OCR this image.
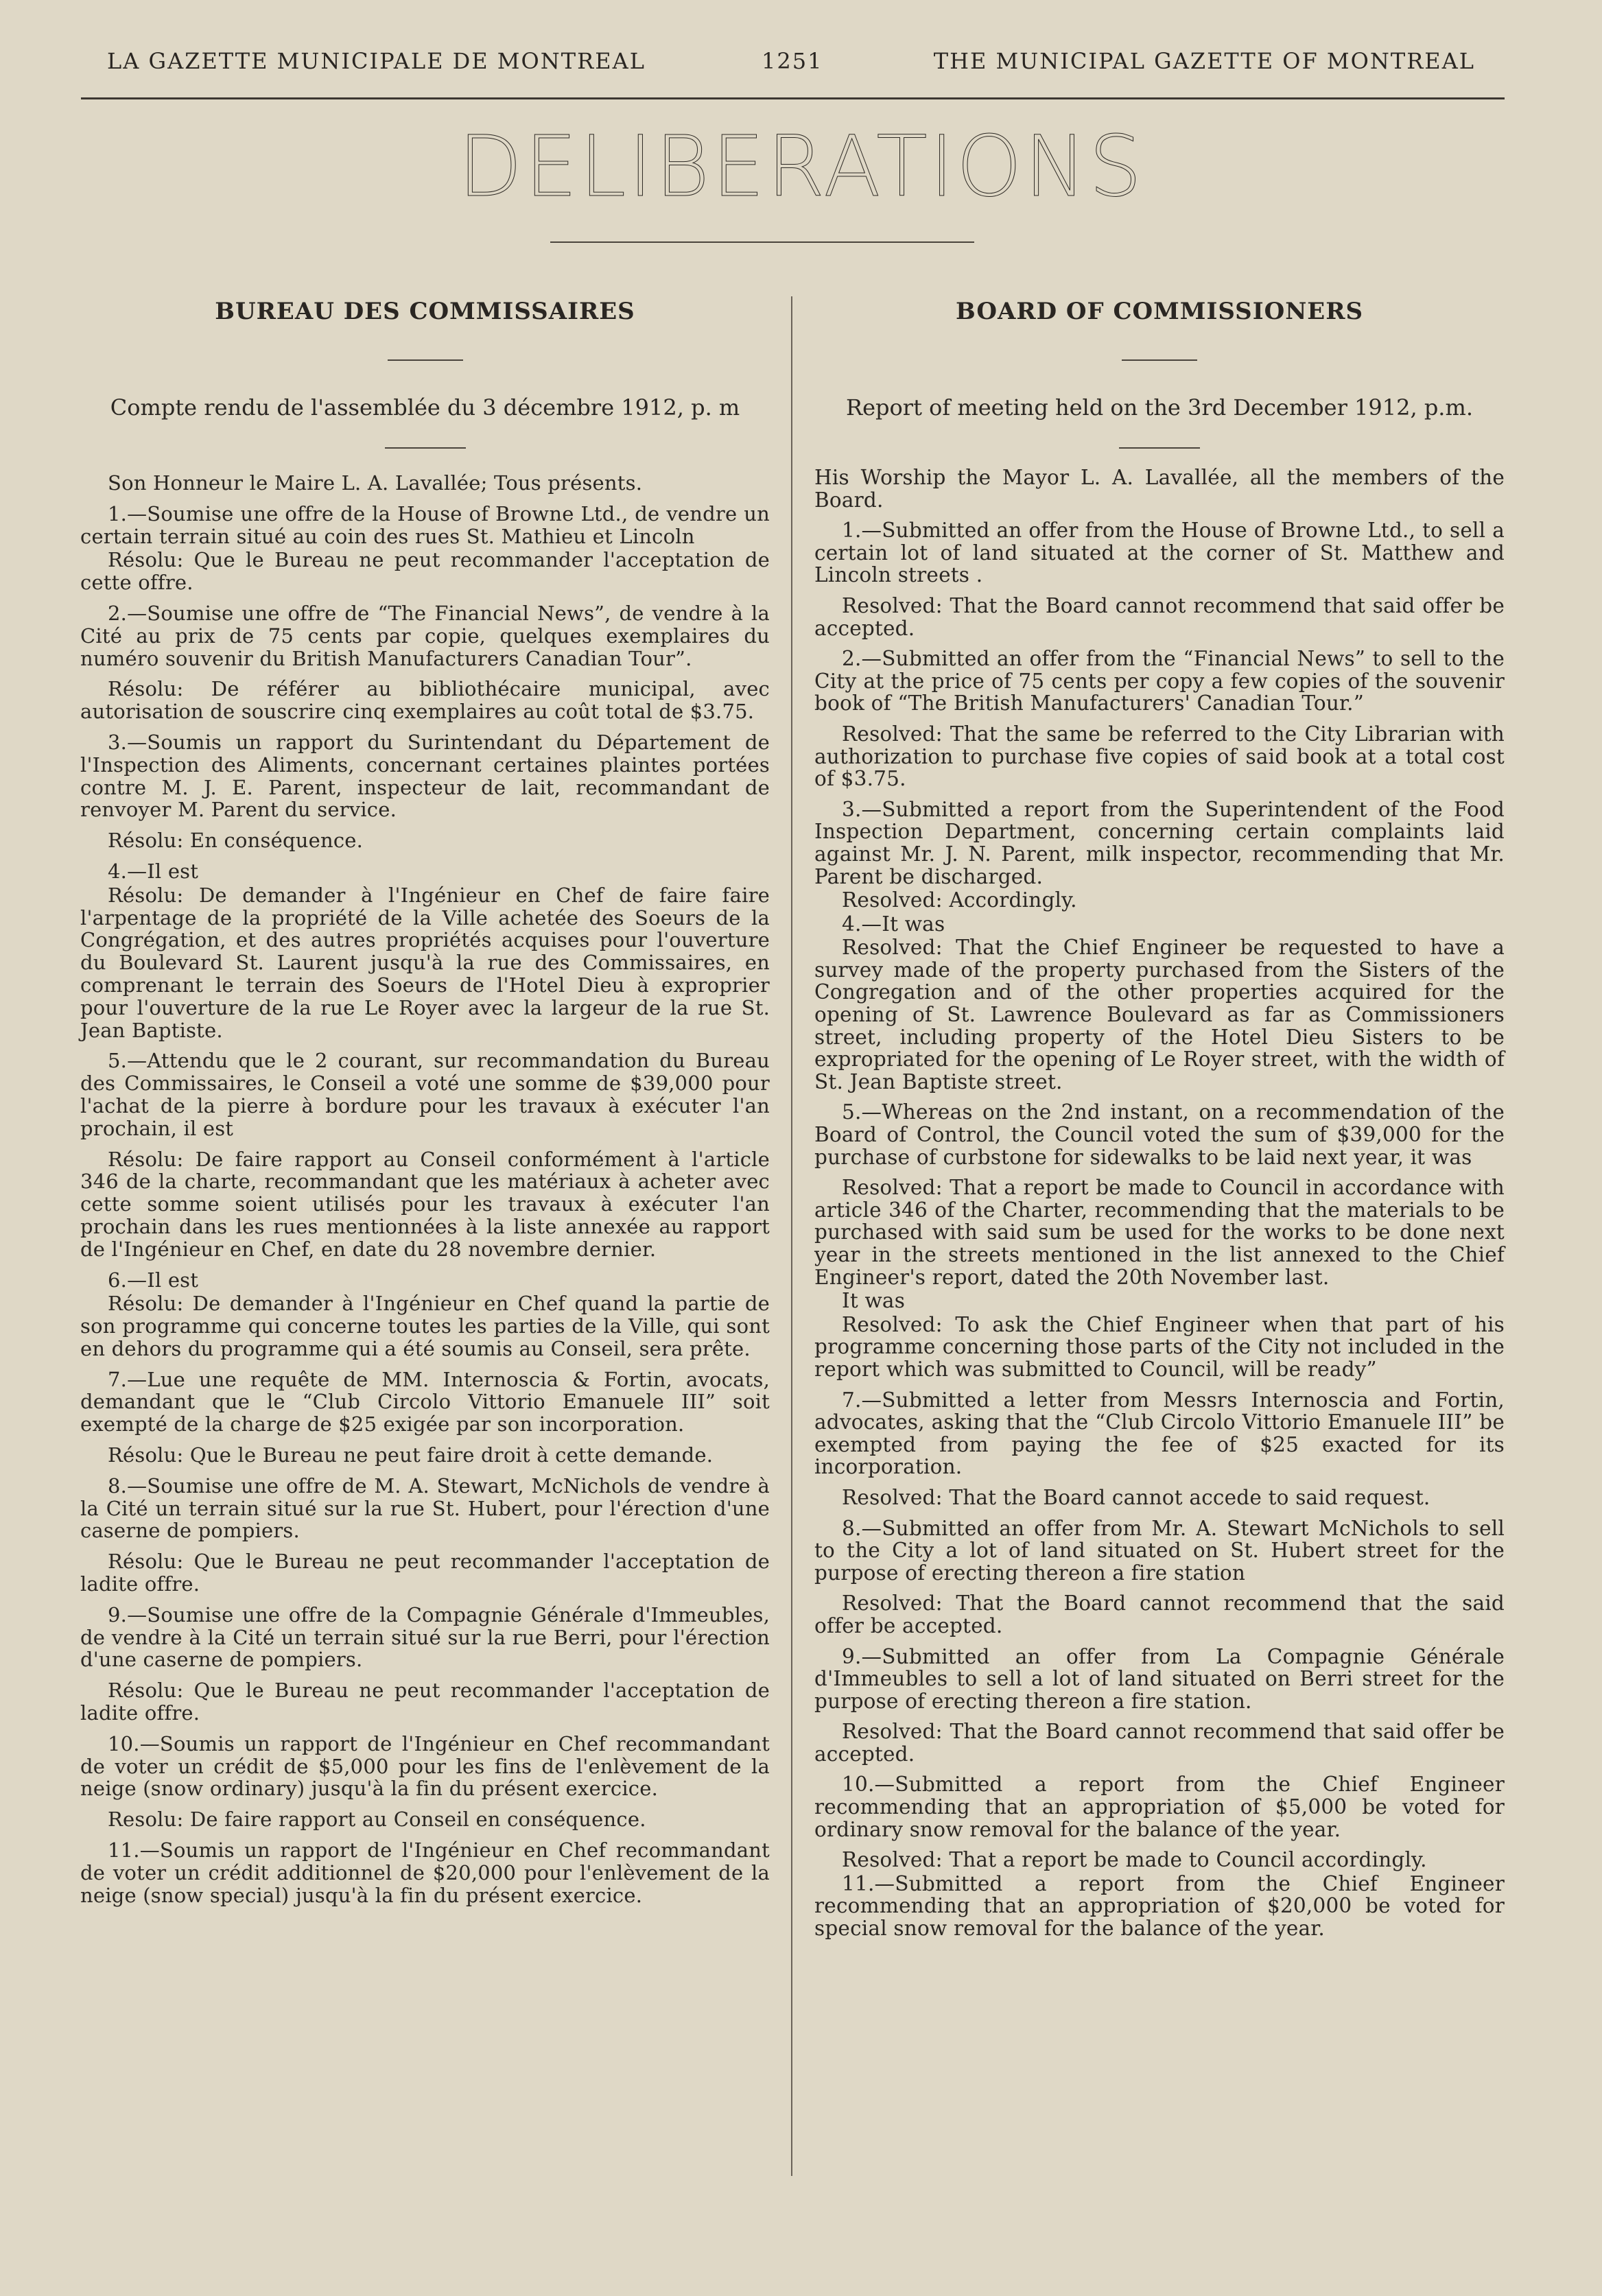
LA GAZETTE MUNICIPALE DE MONTREAL	1251	THE MUNICIPAL GAZETTE OF MONTREAL
DELIBERATIONS
BUREAU DES COMMISSAIRES
Compte rendu de l'assemblée du 3 décembre 1912, p. m

Son Honneur le Maire L. A. Lavallée; Tous présents.

1.—Soumise une offre de la House of Browne Ltd., de vendre un certain terrain situé au coin des rues St. Mathieu et Lincoln

Résolu: Que le Bureau ne peut recommander l'acceptation de cette offre.

2.—Soumise une offre de “The Financial News”, de vendre à la Cité au prix de 75 cents par copie, quelques exemplaires du numéro souvenir du British Manufacturers Canadian Tour”.

Résolu: De référer au bibliothécaire municipal, avec autorisation de souscrire cinq exemplaires au coût total de $3.75.

3.—Soumis un rapport du Surintendant du Département de l'Inspection des Aliments, concernant certaines plaintes portées contre M. J. E. Parent, inspecteur de lait, recommandant de renvoyer M. Parent du service.

Résolu: En conséquence.

4.—Il est

Résolu: De demander à l'Ingénieur en Chef de faire faire l'arpentage de la propriété de la Ville achetée des Soeurs de la Congrégation, et des autres propriétés acquises pour l'ouverture du Boulevard St. Laurent jusqu'à la rue des Commissaires, en comprenant le terrain des Soeurs de l'Hotel Dieu à exproprier pour l'ouverture de la rue Le Royer avec la largeur de la rue St. Jean Baptiste.

5.—Attendu que le 2 courant, sur recommandation du Bureau des Commissaires, le Conseil a voté une somme de $39,000 pour l'achat de la pierre à bordure pour les travaux à exécuter l'an prochain, il est

Résolu: De faire rapport au Conseil conformément à l'article 346 de la charte, recommandant que les matériaux à acheter avec cette somme soient utilisés pour les travaux à exécuter l'an prochain dans les rues mentionnées à la liste annexée au rapport de l'Ingénieur en Chef, en date du 28 novembre dernier.

6.—Il est

Résolu: De demander à l'Ingénieur en Chef quand la partie de son programme qui concerne toutes les parties de la Ville, qui sont en dehors du programme qui a été soumis au Conseil, sera prête.

7.—Lue une requête de MM. Internoscia & Fortin, avocats, demandant que le “Club Circolo Vittorio Emanuele III” soit exempté de la charge de $25 exigée par son incorporation.

Résolu: Que le Bureau ne peut faire droit à cette demande.

8.—Soumise une offre de M. A. Stewart, McNichols de vendre à la Cité un terrain situé sur la rue St. Hubert, pour l'érection d'une caserne de pompiers.

Résolu: Que le Bureau ne peut recommander l'acceptation de ladite offre.

9.—Soumise une offre de la Compagnie Générale d'Immeubles, de vendre à la Cité un terrain situé sur la rue Berri, pour l'érection d'une caserne de pompiers.

Résolu: Que le Bureau ne peut recommander l'acceptation de ladite offre.

10.—Soumis un rapport de l'Ingénieur en Chef recommandant de voter un crédit de $5,000 pour les fins de l'enlèvement de la neige (snow ordinary) jusqu'à la fin du présent exercice.

Resolu: De faire rapport au Conseil en conséquence.

11.—Soumis un rapport de l'Ingénieur en Chef recommandant de voter un crédit additionnel de $20,000 pour l'enlèvement de la neige (snow special) jusqu'à la fin du présent exercice.

BOARD OF COMMISSIONERS
Report of meeting held on the 3rd December 1912, p.m.

His Worship the Mayor L. A. Lavallée, all the members of the Board.

1.—Submitted an offer from the House of Browne Ltd., to sell a certain lot of land situated at the corner of St. Matthew and Lincoln streets .

Resolved: That the Board cannot recommend that said offer be accepted.

2.—Submitted an offer from the “Financial News” to sell to the City at the price of 75 cents per copy a few copies of the souvenir book of “The British Manufacturers' Canadian Tour.”

Resolved: That the same be referred to the City Librarian with authorization to purchase five copies of said book at a total cost of $3.75.

3.—Submitted a report from the Superintendent of the Food Inspection Department, concerning certain complaints laid against Mr. J. N. Parent, milk inspector, recommending that Mr. Parent be discharged.

Resolved: Accordingly.

4.—It was

Resolved: That the Chief Engineer be requested to have a survey made of the property purchased from the Sisters of the Congregation and of the other properties acquired for the opening of St. Lawrence Boulevard as far as Commissioners street, including property of the Hotel Dieu Sisters to be expropriated for the opening of Le Royer street, with the width of St. Jean Baptiste street.

5.—Whereas on the 2nd instant, on a recommendation of the Board of Control, the Council voted the sum of $39,000 for the purchase of curbstone for sidewalks to be laid next year, it was

Resolved: That a report be made to Council in accordance with article 346 of the Charter, recommending that the materials to be purchased with said sum be used for the works to be done next year in the streets mentioned in the list annexed to the Chief Engineer's report, dated the 20th November last.

It was

Resolved: To ask the Chief Engineer when that part of his programme concerning those parts of the City not included in the report which was submitted to Council, will be ready”

7.—Submitted a letter from Messrs Internoscia and Fortin, advocates, asking that the “Club Circolo Vittorio Emanuele III” be exempted from paying the fee of $25 exacted for its incorporation.

Resolved: That the Board cannot accede to said request.

8.—Submitted an offer from Mr. A. Stewart McNichols to sell to the City a lot of land situated on St. Hubert street for the purpose of erecting thereon a fire station

Resolved: That the Board cannot recommend that the said offer be accepted.

9.—Submitted an offer from La Compagnie Générale d'Immeubles to sell a lot of land situated on Berri street for the purpose of erecting thereon a fire station.

Resolved: That the Board cannot recommend that said offer be accepted.

10.—Submitted a report from the Chief Engineer recommending that an appropriation of $5,000 be voted for ordinary snow removal for the balance of the year.

Resolved: That a report be made to Council accordingly.

11.—Submitted a report from the Chief Engineer recommending that an appropriation of $20,000 be voted for special snow removal for the balance of the year.
